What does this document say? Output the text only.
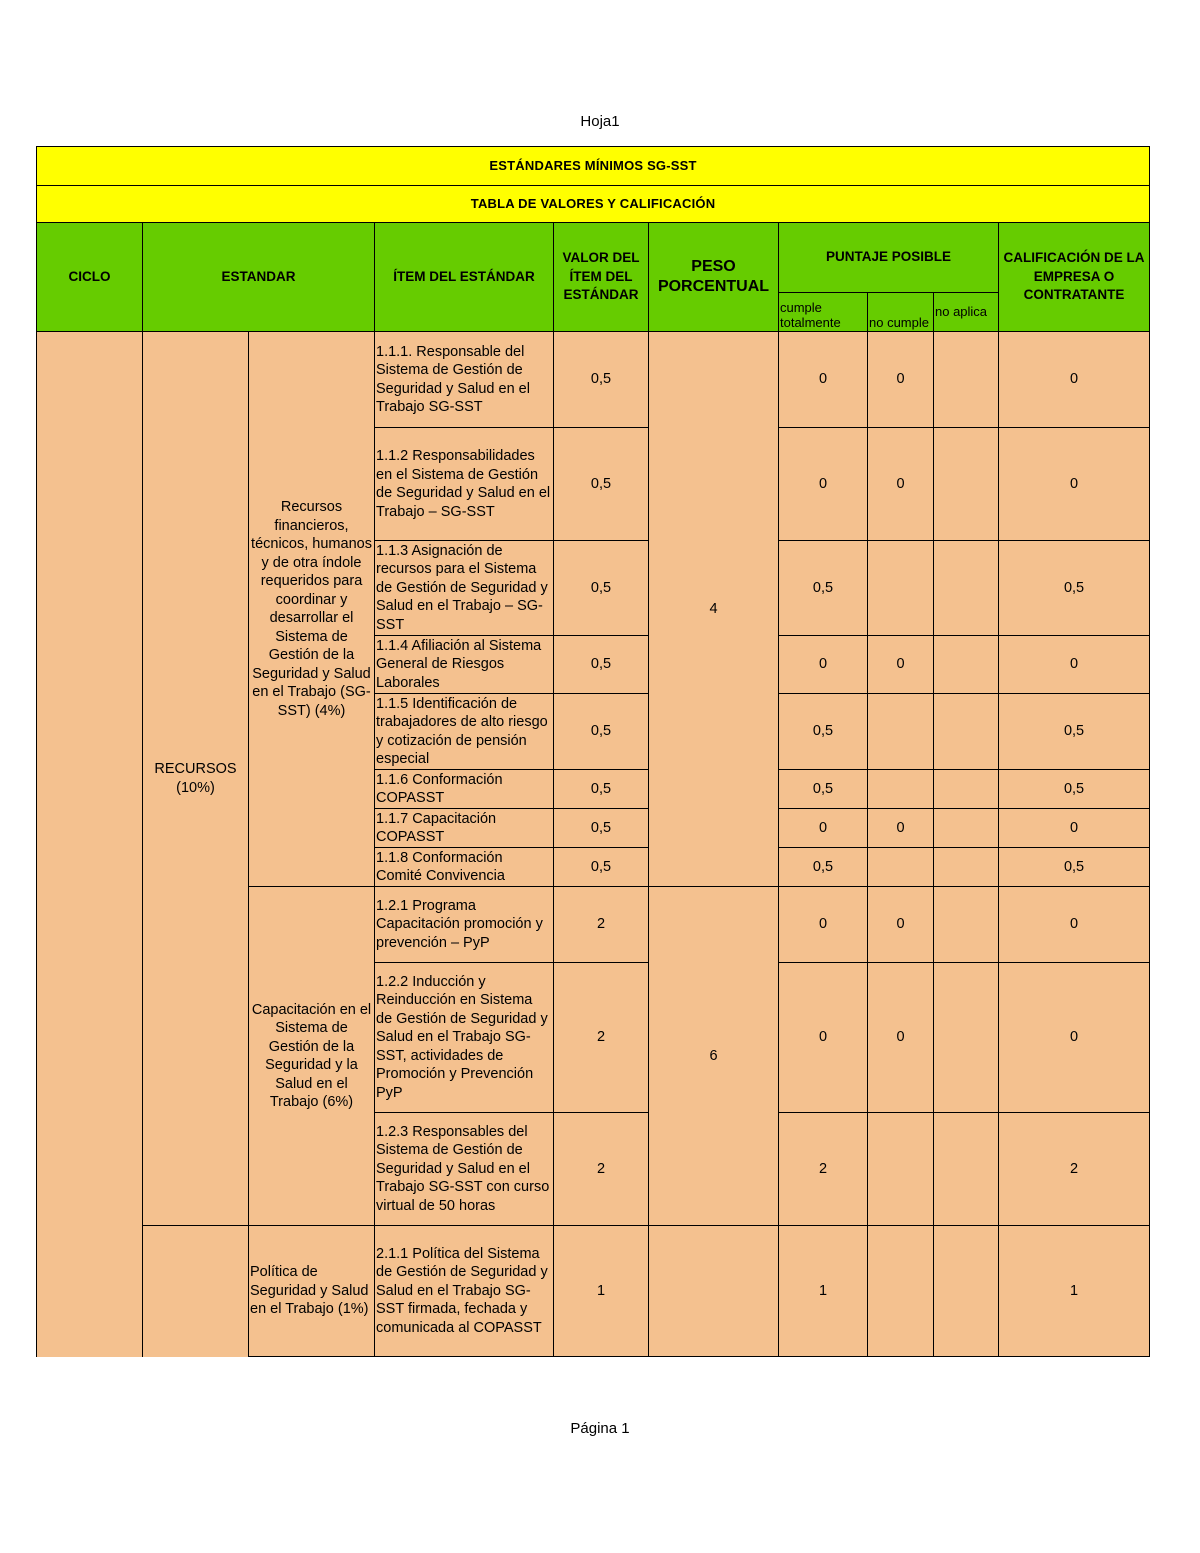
Hoja1
ESTÁNDARES MÍNIMOS SG-SST									
TABLA DE VALORES Y CALIFICACIÓN									
CICLO	ESTANDAR		ÍTEM DEL ESTÁNDAR	VALOR DEL ÍTEM DEL ESTÁNDAR	PESO PORCENTUAL	PUNTAJE POSIBLE			CALIFICACIÓN DE LA EMPRESA O CONTRATANTE
						cumple totalmente	no cumple	no aplica	
	RECURSOS (10%)	Recursos financieros, técnicos, humanos y de otra índole requeridos para coordinar y desarrollar el Sistema de Gestión de la Seguridad y Salud en el Trabajo (SG-SST) (4%)	1.1.1. Responsable del Sistema de Gestión de Seguridad y Salud en el Trabajo SG-SST	0,5	4	0	0		0
			1.1.2 Responsabilidades en el Sistema de Gestión de Seguridad y Salud en el Trabajo – SG-SST	0,5		0	0		0
			1.1.3 Asignación de recursos para el Sistema de Gestión de Seguridad y Salud en el Trabajo – SG-SST	0,5		0,5			0,5
			1.1.4 Afiliación al Sistema General de Riesgos Laborales	0,5		0	0		0
			1.1.5 Identificación de trabajadores de alto riesgo y cotización de pensión especial	0,5		0,5			0,5
			1.1.6 Conformación COPASST	0,5		0,5			0,5
			1.1.7 Capacitación COPASST	0,5		0	0		0
			1.1.8 Conformación Comité Convivencia	0,5		0,5			0,5
		Capacitación en el Sistema de Gestión de la Seguridad y la Salud en el Trabajo (6%)	1.2.1 Programa Capacitación promoción y prevención – PyP	2	6	0	0		0
			1.2.2 Inducción y Reinducción en Sistema de Gestión de Seguridad y Salud en el Trabajo SG-SST, actividades de Promoción y Prevención PyP	2		0	0		0
			1.2.3 Responsables del Sistema de Gestión de Seguridad y Salud en el Trabajo SG-SST con curso virtual de 50 horas	2		2			2
		Política de Seguridad y Salud en el Trabajo (1%)	2.1.1 Política del Sistema de Gestión de Seguridad y Salud en el Trabajo SG-SST firmada, fechada y comunicada al COPASST	1		1			1
Página 1
